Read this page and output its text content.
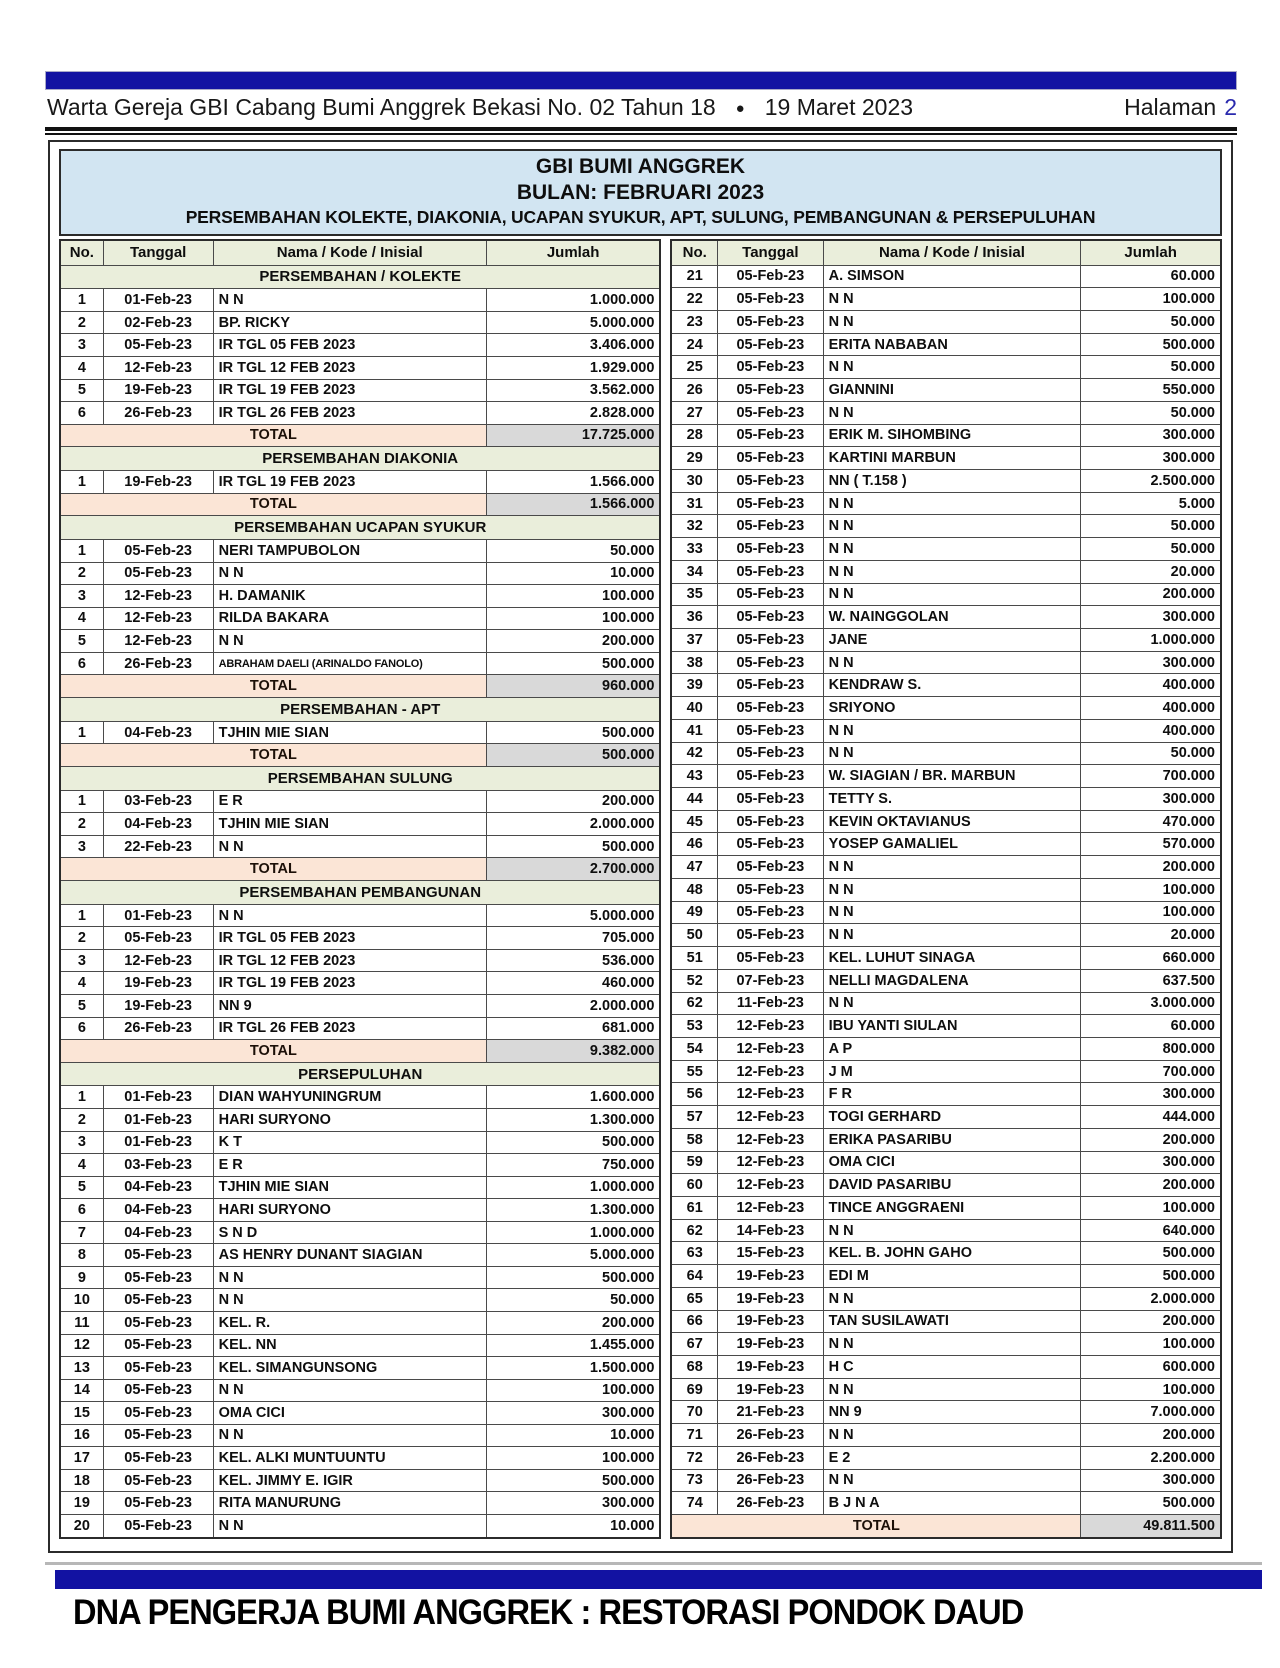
Warta Gereja GBI Cabang Bumi Anggrek Bekasi No. 02 Tahun 18 ● 19 Maret 2023	Halaman 2
GBI BUMI ANGGREK
BULAN: FEBRUARI 2023
PERSEMBAHAN KOLEKTE, DIAKONIA, UCAPAN SYUKUR, APT, SULUNG, PEMBANGUNAN & PERSEPULUHAN
No.	Tanggal	Nama / Kode / Inisial	Jumlah
PERSEMBAHAN / KOLEKTE			
1	01-Feb-23	N N	1.000.000
2	02-Feb-23	BP. RICKY	5.000.000
3	05-Feb-23	IR TGL 05 FEB 2023	3.406.000
4	12-Feb-23	IR TGL 12 FEB 2023	1.929.000
5	19-Feb-23	IR TGL 19 FEB 2023	3.562.000
6	26-Feb-23	IR TGL 26 FEB 2023	2.828.000
TOTAL			17.725.000
PERSEMBAHAN DIAKONIA			
1	19-Feb-23	IR TGL 19 FEB 2023	1.566.000
TOTAL			1.566.000
PERSEMBAHAN UCAPAN SYUKUR			
1	05-Feb-23	NERI TAMPUBOLON	50.000
2	05-Feb-23	N N	10.000
3	12-Feb-23	H. DAMANIK	100.000
4	12-Feb-23	RILDA BAKARA	100.000
5	12-Feb-23	N N	200.000
6	26-Feb-23	ABRAHAM DAELI (ARINALDO FANOLO)	500.000
TOTAL			960.000
PERSEMBAHAN - APT			
1	04-Feb-23	TJHIN MIE SIAN	500.000
TOTAL			500.000
PERSEMBAHAN SULUNG			
1	03-Feb-23	E R	200.000
2	04-Feb-23	TJHIN MIE SIAN	2.000.000
3	22-Feb-23	N N	500.000
TOTAL			2.700.000
PERSEMBAHAN PEMBANGUNAN			
1	01-Feb-23	N N	5.000.000
2	05-Feb-23	IR TGL 05 FEB 2023	705.000
3	12-Feb-23	IR TGL 12 FEB 2023	536.000
4	19-Feb-23	IR TGL 19 FEB 2023	460.000
5	19-Feb-23	NN 9	2.000.000
6	26-Feb-23	IR TGL 26 FEB 2023	681.000
TOTAL			9.382.000
PERSEPULUHAN			
1	01-Feb-23	DIAN WAHYUNINGRUM	1.600.000
2	01-Feb-23	HARI SURYONO	1.300.000
3	01-Feb-23	K T	500.000
4	03-Feb-23	E R	750.000
5	04-Feb-23	TJHIN MIE SIAN	1.000.000
6	04-Feb-23	HARI SURYONO	1.300.000
7	04-Feb-23	S N D	1.000.000
8	05-Feb-23	AS HENRY DUNANT SIAGIAN	5.000.000
9	05-Feb-23	N N	500.000
10	05-Feb-23	N N	50.000
11	05-Feb-23	KEL. R.	200.000
12	05-Feb-23	KEL. NN	1.455.000
13	05-Feb-23	KEL. SIMANGUNSONG	1.500.000
14	05-Feb-23	N N	100.000
15	05-Feb-23	OMA CICI	300.000
16	05-Feb-23	N N	10.000
17	05-Feb-23	KEL. ALKI MUNTUUNTU	100.000
18	05-Feb-23	KEL. JIMMY E. IGIR	500.000
19	05-Feb-23	RITA MANURUNG	300.000
20	05-Feb-23	N N	10.000
No.	Tanggal	Nama / Kode / Inisial	Jumlah
21	05-Feb-23	A. SIMSON	60.000
22	05-Feb-23	N N	100.000
23	05-Feb-23	N N	50.000
24	05-Feb-23	ERITA NABABAN	500.000
25	05-Feb-23	N N	50.000
26	05-Feb-23	GIANNINI	550.000
27	05-Feb-23	N N	50.000
28	05-Feb-23	ERIK M. SIHOMBING	300.000
29	05-Feb-23	KARTINI MARBUN	300.000
30	05-Feb-23	NN ( T.158 )	2.500.000
31	05-Feb-23	N N	5.000
32	05-Feb-23	N N	50.000
33	05-Feb-23	N N	50.000
34	05-Feb-23	N N	20.000
35	05-Feb-23	N N	200.000
36	05-Feb-23	W. NAINGGOLAN	300.000
37	05-Feb-23	JANE	1.000.000
38	05-Feb-23	N N	300.000
39	05-Feb-23	KENDRAW S.	400.000
40	05-Feb-23	SRIYONO	400.000
41	05-Feb-23	N N	400.000
42	05-Feb-23	N N	50.000
43	05-Feb-23	W. SIAGIAN / BR. MARBUN	700.000
44	05-Feb-23	TETTY S.	300.000
45	05-Feb-23	KEVIN OKTAVIANUS	470.000
46	05-Feb-23	YOSEP GAMALIEL	570.000
47	05-Feb-23	N N	200.000
48	05-Feb-23	N N	100.000
49	05-Feb-23	N N	100.000
50	05-Feb-23	N N	20.000
51	05-Feb-23	KEL. LUHUT SINAGA	660.000
52	07-Feb-23	NELLI MAGDALENA	637.500
62	11-Feb-23	N N	3.000.000
53	12-Feb-23	IBU YANTI SIULAN	60.000
54	12-Feb-23	A P	800.000
55	12-Feb-23	J M	700.000
56	12-Feb-23	F R	300.000
57	12-Feb-23	TOGI GERHARD	444.000
58	12-Feb-23	ERIKA PASARIBU	200.000
59	12-Feb-23	OMA CICI	300.000
60	12-Feb-23	DAVID PASARIBU	200.000
61	12-Feb-23	TINCE ANGGRAENI	100.000
62	14-Feb-23	N N	640.000
63	15-Feb-23	KEL. B. JOHN GAHO	500.000
64	19-Feb-23	EDI M	500.000
65	19-Feb-23	N N	2.000.000
66	19-Feb-23	TAN SUSILAWATI	200.000
67	19-Feb-23	N N	100.000
68	19-Feb-23	H C	600.000
69	19-Feb-23	N N	100.000
70	21-Feb-23	NN 9	7.000.000
71	26-Feb-23	N N	200.000
72	26-Feb-23	E 2	2.200.000
73	26-Feb-23	N N	300.000
74	26-Feb-23	B J N A	500.000
TOTAL			49.811.500
DNA PENGERJA BUMI ANGGREK : RESTORASI PONDOK DAUD
